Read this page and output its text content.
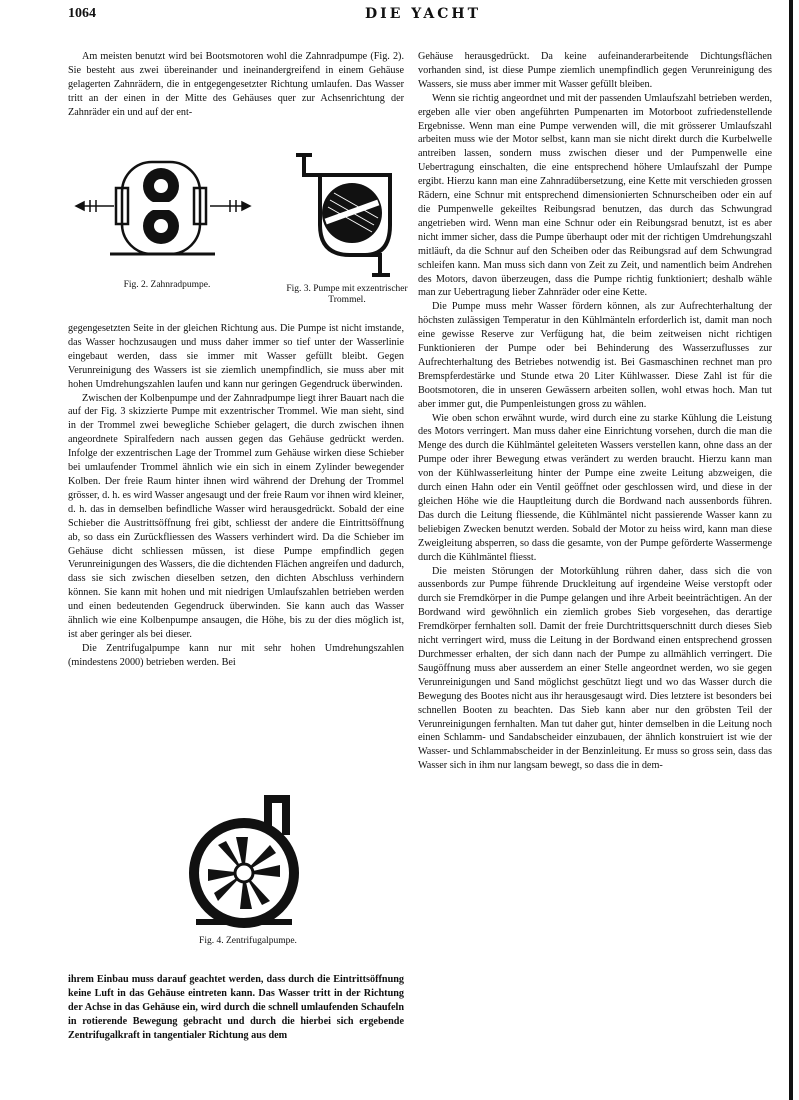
1064	DIE YACHT

Am meisten benutzt wird bei Bootsmotoren wohl die Zahnradpumpe (Fig. 2). Sie besteht aus zwei übereinander und ineinandergreifend in einem Gehäuse gelagerten Zahnrädern, die in entgegengesetzter Richtung umlaufen. Das Wasser tritt an der einen in der Mitte des Gehäuses quer zur Achsenrichtung der Zahnräder ein und auf der ent-

Fig. 2. Zahnradpumpe.	Fig. 3. Pumpe mit exzentrischer Trommel.

gegengesetzten Seite in der gleichen Richtung aus. Die Pumpe ist nicht imstande, das Wasser hochzusaugen und muss daher immer so tief unter der Wasserlinie eingebaut werden, dass sie immer mit Wasser gefüllt bleibt. Gegen Verunreinigung des Wassers ist sie ziemlich unempfindlich, sie muss aber mit hohen Umdrehungszahlen laufen und kann nur geringen Gegendruck überwinden.

Zwischen der Kolbenpumpe und der Zahnradpumpe liegt ihrer Bauart nach die auf der Fig. 3 skizzierte Pumpe mit exzentrischer Trommel. Wie man sieht, sind in der Trommel zwei bewegliche Schieber gelagert, die durch zwischen ihnen angeordnete Spiralfedern nach aussen gegen das Gehäuse gedrückt werden. Infolge der exzentrischen Lage der Trommel zum Gehäuse wirken diese Schieber bei umlaufender Trommel ähnlich wie ein sich in einem Zylinder bewegender Kolben. Der freie Raum hinter ihnen wird während der Drehung der Trommel grösser, d. h. es wird Wasser angesaugt und der freie Raum vor ihnen wird kleiner, d. h. das in demselben befindliche Wasser wird herausgedrückt. Sobald der eine Schieber die Austrittsöffnung frei gibt, schliesst der andere die Eintrittsöffnung ab, so dass ein Zurückfliessen des Wassers verhindert wird. Da die Schieber im Gehäuse dicht schliessen müssen, ist diese Pumpe empfindlich gegen Verunreinigungen des Wassers, die die dichtenden Flächen angreifen und dadurch, dass sie sich zwischen dieselben setzen, den dichten Abschluss verhindern können. Sie kann mit hohen und mit niedrigen Umlaufszahlen betrieben werden und einen bedeutenden Gegendruck überwinden. Sie kann auch das Wasser ähnlich wie eine Kolbenpumpe ansaugen, die Höhe, bis zu der dies möglich ist, ist aber geringer als bei dieser.

Die Zentrifugalpumpe kann nur mit sehr hohen Umdrehungszahlen (mindestens 2000) betrieben werden. Bei

Fig. 4. Zentrifugalpumpe.

ihrem Einbau muss darauf geachtet werden, dass durch die Eintrittsöffnung keine Luft in das Gehäuse eintreten kann. Das Wasser tritt in der Richtung der Achse in das Gehäuse ein, wird durch die schnell umlaufenden Schaufeln in rotierende Bewegung gebracht und durch die hierbei sich ergebende Zentrifugalkraft in tangentialer Richtung aus dem

Gehäuse herausgedrückt. Da keine aufeinanderarbeitende Dichtungsflächen vorhanden sind, ist diese Pumpe ziemlich unempfindlich gegen Verunreinigung des Wassers, sie muss aber immer mit Wasser gefüllt bleiben.

Wenn sie richtig angeordnet und mit der passenden Umlaufszahl betrieben werden, ergeben alle vier oben angeführten Pumpenarten im Motorboot zufriedenstellende Ergebnisse. Wenn man eine Pumpe verwenden will, die mit grösserer Umlaufszahl arbeiten muss wie der Motor selbst, kann man sie nicht direkt durch die Kurbelwelle antreiben lassen, sondern muss zwischen dieser und der Pumpenwelle eine Uebertragung einschalten, die eine entsprechend höhere Umlaufszahl der Pumpe ergibt. Hierzu kann man eine Zahnradübersetzung, eine Kette mit verschieden grossen Rädern, eine Schnur mit entsprechend dimensionierten Schnurscheiben oder ein auf die Pumpenwelle gekeiltes Reibungsrad benutzen, das durch das Schwungrad angetrieben wird. Wenn man eine Schnur oder ein Reibungsrad benutzt, ist es aber nicht immer sicher, dass die Pumpe überhaupt oder mit der richtigen Umdrehungszahl mitläuft, da die Schnur auf den Scheiben oder das Reibungsrad auf dem Schwungrad schleifen kann. Man muss sich dann von Zeit zu Zeit, und namentlich beim Andrehen des Motors, davon überzeugen, dass die Pumpe richtig funktioniert; deshalb wähle man zur Uebertragung lieber Zahnräder oder eine Kette.

Die Pumpe muss mehr Wasser fördern können, als zur Aufrechterhaltung der höchsten zulässigen Temperatur in den Kühlmänteln erforderlich ist, damit man noch eine gewisse Reserve zur Verfügung hat, die beim zeitweisen nicht richtigen Funktionieren der Pumpe oder bei Behinderung des Wasserzuflusses zur Aufrechterhaltung des Betriebes notwendig ist. Bei Gasmaschinen rechnet man pro Bremspferdestärke und Stunde etwa 20 Liter Kühlwasser. Diese Zahl ist für die Bootsmotoren, die in unseren Gewässern arbeiten sollen, wohl etwas hoch. Man tut aber immer gut, die Pumpenleistungen gross zu wählen.

Wie oben schon erwähnt wurde, wird durch eine zu starke Kühlung die Leistung des Motors verringert. Man muss daher eine Einrichtung vorsehen, durch die man die Menge des durch die Kühlmäntel geleiteten Wassers verstellen kann, ohne dass an der Pumpe oder ihrer Bewegung etwas verändert zu werden braucht. Hierzu kann man von der Kühlwasserleitung hinter der Pumpe eine zweite Leitung abzweigen, die durch einen Hahn oder ein Ventil geöffnet oder geschlossen wird, und diese in der gleichen Höhe wie die Hauptleitung durch die Bordwand nach aussenbords führen. Das durch die Leitung fliessende, die Kühlmäntel nicht passierende Wasser kann zu beliebigen Zwecken benutzt werden. Sobald der Motor zu heiss wird, kann man diese Zweigleitung absperren, so dass die gesamte, von der Pumpe geförderte Wassermenge durch die Kühlmäntel fliesst.

Die meisten Störungen der Motorkühlung rühren daher, dass sich die von aussenbords zur Pumpe führende Druckleitung auf irgendeine Weise verstopft oder durch sie Fremdkörper in die Pumpe gelangen und ihre Arbeit beeinträchtigen. An der Bordwand wird gewöhnlich ein ziemlich grobes Sieb vorgesehen, das derartige Fremdkörper fernhalten soll. Damit der freie Durchtrittsquerschnitt durch dieses Sieb nicht verringert wird, muss die Leitung in der Bordwand einen entsprechend grossen Durchmesser erhalten, der sich dann nach der Pumpe zu allmählich verringert. Die Saugöffnung muss aber ausserdem an einer Stelle angeordnet werden, wo sie gegen Verunreinigungen und Sand möglichst geschützt liegt und wo das Wasser durch die Bewegung des Bootes nicht aus ihr herausgesaugt wird. Dies letztere ist besonders bei schnellen Booten zu beachten. Das Sieb kann aber nur den gröbsten Teil der Verunreinigungen fernhalten. Man tut daher gut, hinter demselben in die Leitung noch einen Schlamm- und Sandabscheider einzubauen, der ähnlich konstruiert ist wie der Wasser- und Schlammabscheider in der Benzinleitung. Er muss so gross sein, dass das Wasser sich in ihm nur langsam bewegt, so dass die in dem-
